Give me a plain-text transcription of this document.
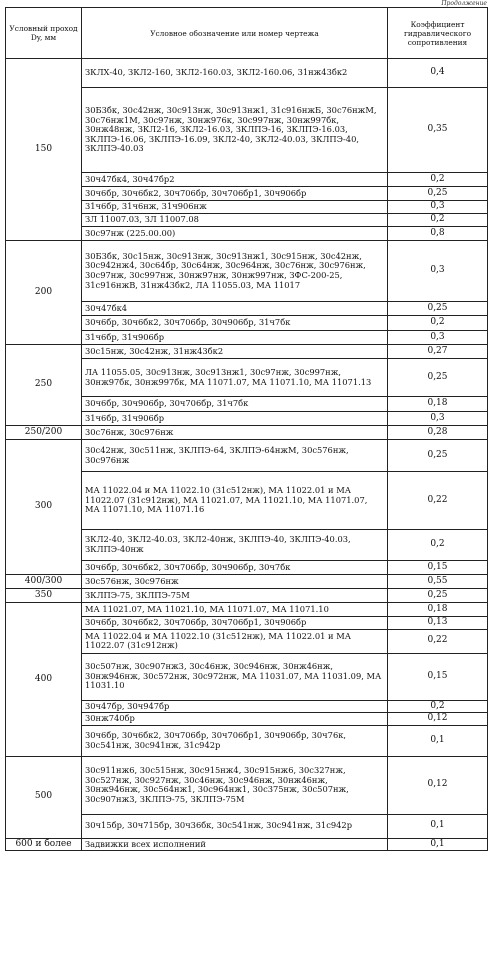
Продолжение
Условный проход Dy, мм	Условное обозначение или номер чертежа	Коэффициент гидравлического сопротивления
150	ЗКЛХ-40, ЗКЛ2-160, ЗКЛ2-160.03, ЗКЛ2-160.06, 31нж43бк2	0,4
	30Б3бк, 30с42нж, 30с913нж, 30с913нж1, 31с916нжБ, 30с76нжМ, 30с76нж1М, 30с97нж, 30нж976к, 30с997нж, 30нж997бк, 30нж48нж, ЗКЛ2-16, ЗКЛ2-16.03, ЗКЛПЭ-16, ЗКЛПЭ-16.03, ЗКЛПЭ-16.06, ЗКЛПЭ-16.09, ЗКЛ2-40, ЗКЛ2-40.03, ЗКЛПЭ-40, ЗКЛПЭ-40.03	0,35
	30ч47бк4, 30ч47бр2	0,2
	30ч6бр, 30ч6бк2, 30ч706бр, 30ч706бр1, 30ч906бр	0,25
	31ч6бр, 31ч6нж, 31ч906нж	0,3
	ЗЛ 11007.03, ЗЛ 11007.08	0,2
	30с97нж (225.00.00)	0,8
200	30Б3бк, 30с15нж, 30с913нж, 30с913нж1, 30с915нж, 30с42нж, 30с942нж4, 30с64бр, 30с64нж, 30с964нж, 30с76нж, 30с976нж, 30с97нж, 30с997нж, 30нж97нж, 30нж997нж, ЗФС-200-25, 31с916нжВ, 31нж43бк2, ЛА 11055.03, МА 11017	0,3
	30ч47бк4	0,25
	30ч6бр, 30ч6бк2, 30ч706бр, 30ч906бр, 31ч7бк	0,2
	31ч6бр, 31ч906бр	0,3
250	30с15нж, 30с42нж, 31нж43бк2	0,27
	ЛА 11055.05, 30с913нж, 30с913нж1, 30с97нж, 30с997нж, 30нж97бк, 30нж997бк, МА 11071.07, МА 11071.10, МА 11071.13	0,25
	30ч6бр, 30ч906бр, 30ч706бр, 31ч7бк	0,18
	31ч6бр, 31ч906бр	0,3
250/200	30с76нж, 30с976нж	0,28
300	30с42нж, 30с511нж, ЗКЛПЭ-64, ЗКЛПЭ-64нжМ, 30с576нж, 30с976нж	0,25
	МА 11022.04 и МА 11022.10 (31с512нж), МА 11022.01 и МА 11022.07 (31с912нж), МА 11021.07, МА 11021.10, МА 11071.07, МА 11071.10, МА 11071.16	0,22
	ЗКЛ2-40, ЗКЛ2-40.03, ЗКЛ2-40нж, ЗКЛПЭ-40, ЗКЛПЭ-40.03, ЗКЛПЭ-40нж	0,2
	30ч6бр, 30ч6бк2, 30ч706бр, 30ч906бр, 30ч7бк	0,15
400/300	30с576нж, 30с976нж	0,55
350	ЗКЛПЭ-75, ЗКЛПЭ-75М	0,25
400	МА 11021.07, МА 11021.10, МА 11071.07, МА 11071.10	0,18
	30ч6бр, 30ч6бк2, 30ч706бр, 30ч706бр1, 30ч906бр	0,13
	МА 11022.04 и МА 11022.10 (31с512нж), МА 11022.01 и МА 11022.07 (31с912нж)	0,22
	30с507нж, 30с907нж3, 30с46нж, 30с946нж, 30нж46нж, 30нж946нж, 30с572нж, 30с972нж, МА 11031.07, МА 11031.09, МА 11031.10	0,15
	30ч47бр, 30ч947бр	0,2
	30нж740бр	0,12
	30ч6бр, 30ч6бк2, 30ч706бр, 30ч706бр1, 30ч906бр, 30ч76к, 30с541нж, 30с941нж, 31с942р	0,1
500	30с911нж6, 30с515нж, 30с915нж4, 30с915нж6, 30с327нж, 30с527нж, 30с927нж, 30с46нж, 30с946нж, 30нж46нж, 30нж946нж, 30с564нж1, 30с964нж1, 30с375нж, 30с507нж, 30с907нж3, ЗКЛПЭ-75, ЗКЛПЭ-75М	0,12
	30ч15бр, 30ч715бр, 30ч36бк, 30с541нж, 30с941нж, 31с942р	0,1
600 и более	Задвижки всех исполнений	0,1
